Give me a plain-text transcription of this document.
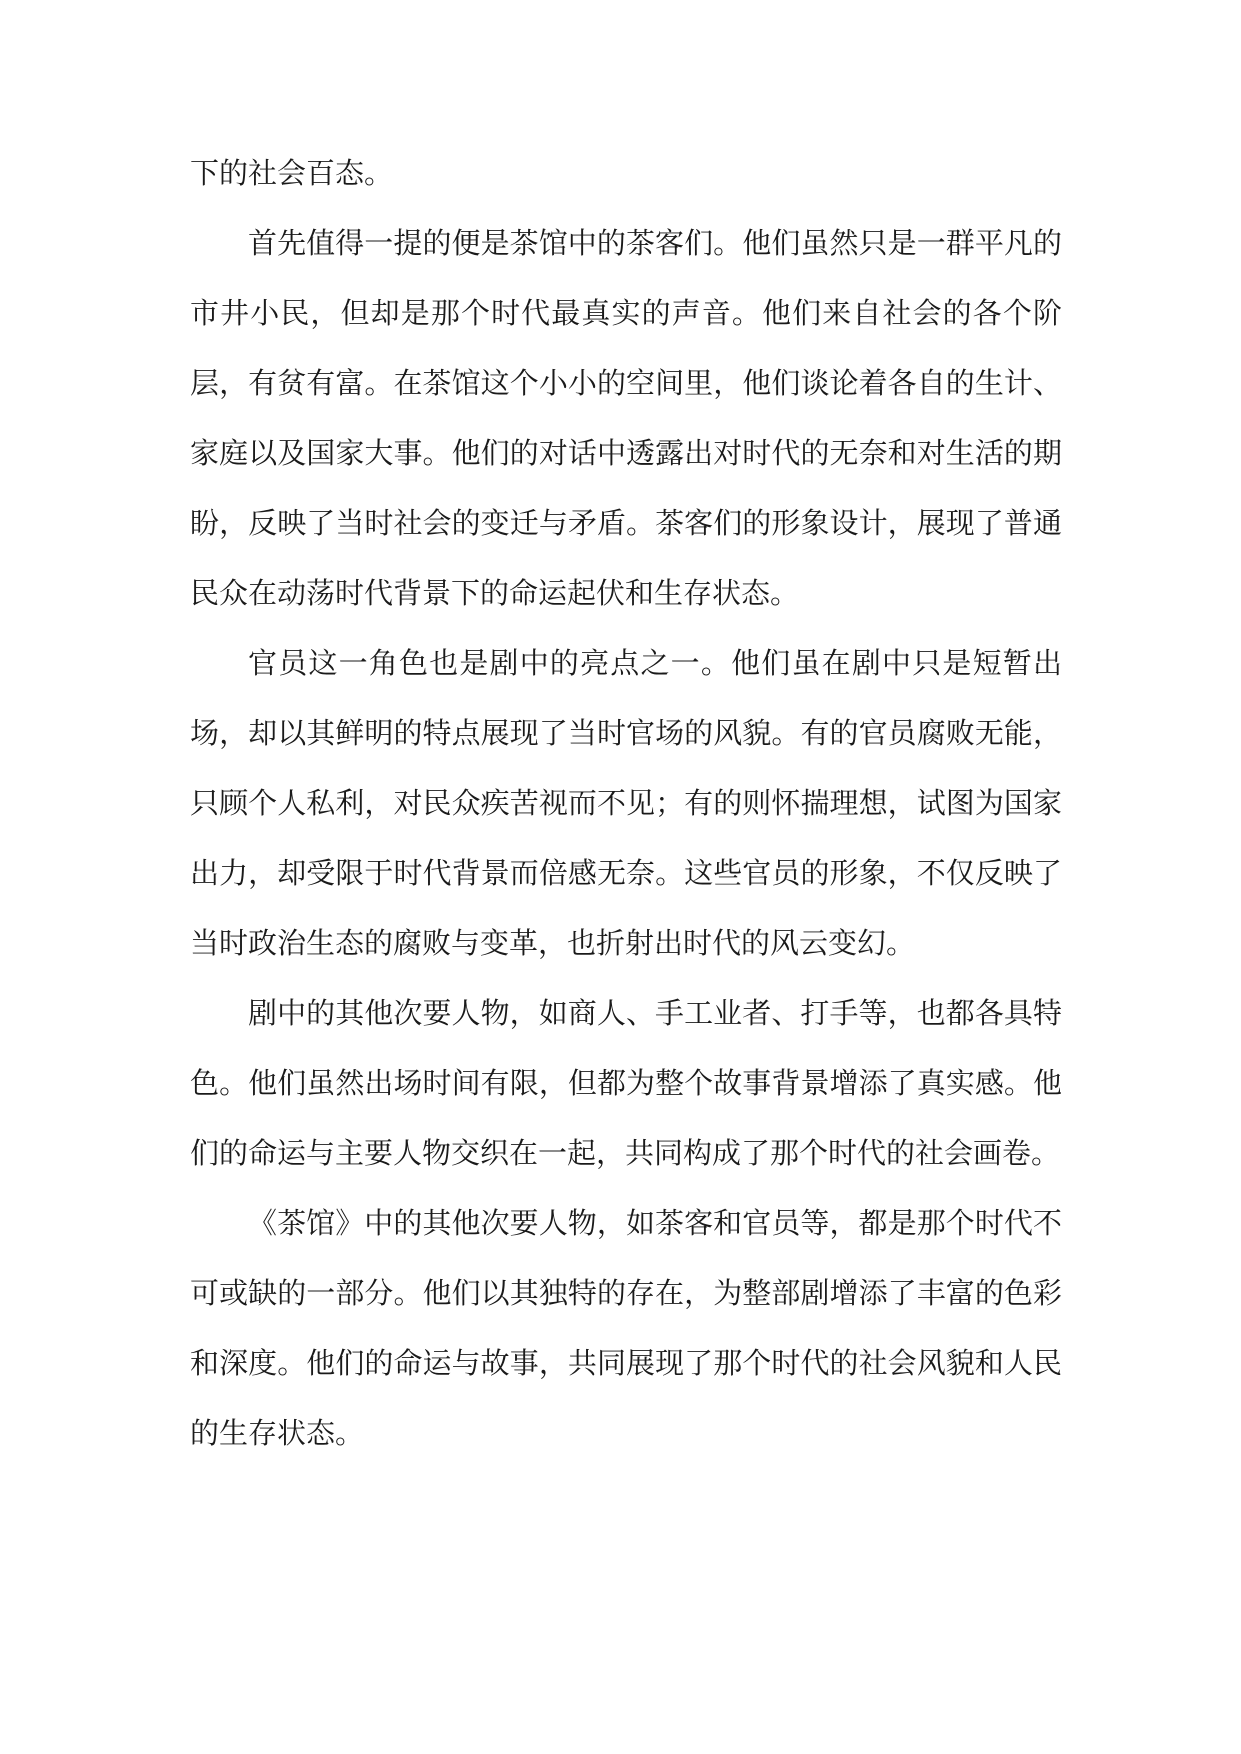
下的社会百态。

首先值得一提的便是茶馆中的茶客们。他们虽然只是一群平凡的市井小民，但却是那个时代最真实的声音。他们来自社会的各个阶层，有贫有富。在茶馆这个小小的空间里，他们谈论着各自的生计、家庭以及国家大事。他们的对话中透露出对时代的无奈和对生活的期盼，反映了当时社会的变迁与矛盾。茶客们的形象设计，展现了普通民众在动荡时代背景下的命运起伏和生存状态。

官员这一角色也是剧中的亮点之一。他们虽在剧中只是短暂出场，却以其鲜明的特点展现了当时官场的风貌。有的官员腐败无能，只顾个人私利，对民众疾苦视而不见；有的则怀揣理想，试图为国家出力，却受限于时代背景而倍感无奈。这些官员的形象，不仅反映了当时政治生态的腐败与变革，也折射出时代的风云变幻。

剧中的其他次要人物，如商人、手工业者、打手等，也都各具特色。他们虽然出场时间有限，但都为整个故事背景增添了真实感。他们的命运与主要人物交织在一起，共同构成了那个时代的社会画卷。

《茶馆》中的其他次要人物，如茶客和官员等，都是那个时代不可或缺的一部分。他们以其独特的存在，为整部剧增添了丰富的色彩和深度。他们的命运与故事，共同展现了那个时代的社会风貌和人民的生存状态。
